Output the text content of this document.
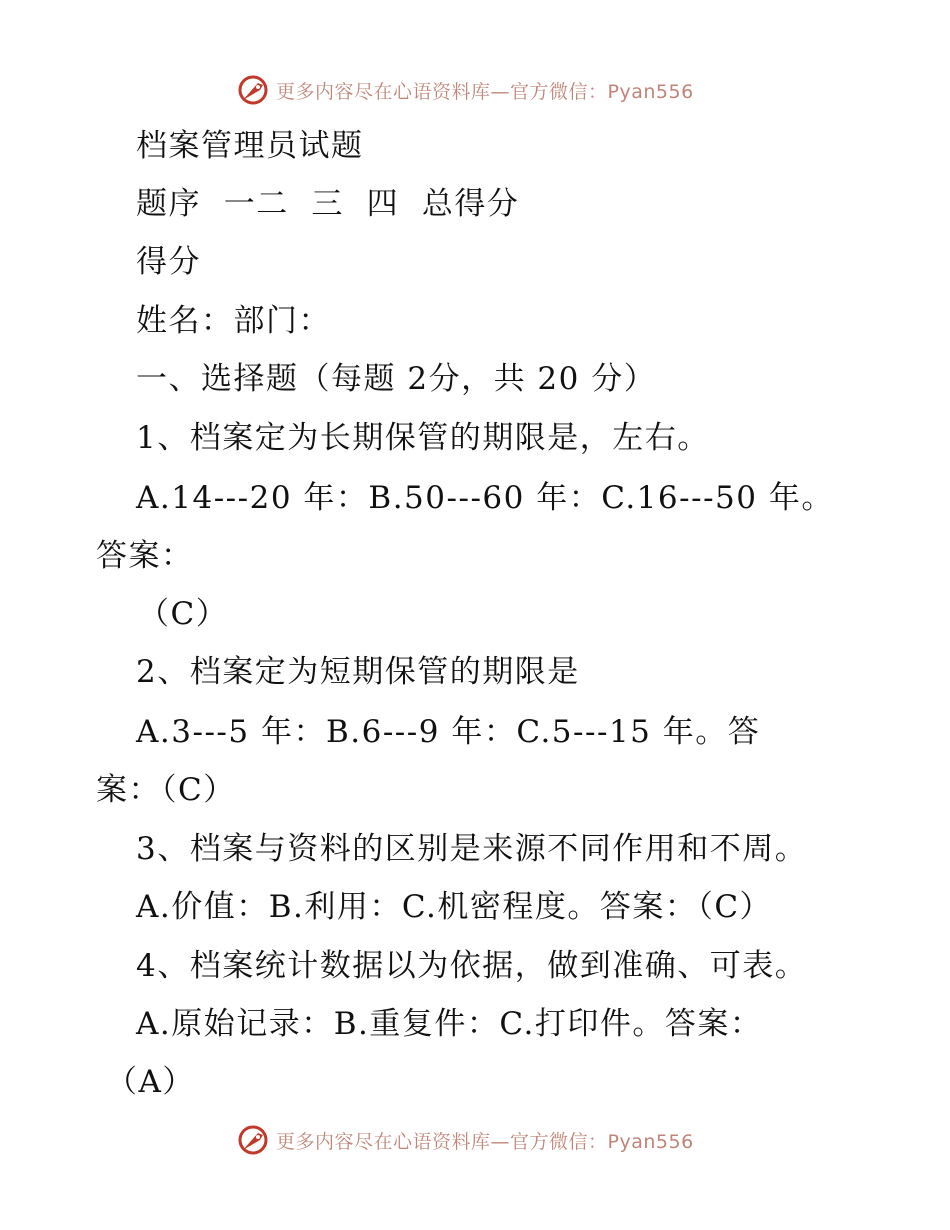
更多内容尽在心语资料库—官方微信：Pyan556

档案管理员试题

题序  一二  三  四  总得分

得分

姓名：部门：

一、选择题（每题 2分，共 20 分）

1、档案定为长期保管的期限是，左右。

A.14---20 年：B.50---60 年：C.16---50 年。

答案：

（C）

2、档案定为短期保管的期限是

A.3---5 年：B.6---9 年：C.5---15 年。答

案：（C）

3、档案与资料的区别是来源不同作用和不周。

A.价值：B.利用：C.机密程度。答案：（C）

4、档案统计数据以为依据，做到准确、可表。

A.原始记录：B.重复件：C.打印件。答案：

（A）

更多内容尽在心语资料库—官方微信：Pyan556
